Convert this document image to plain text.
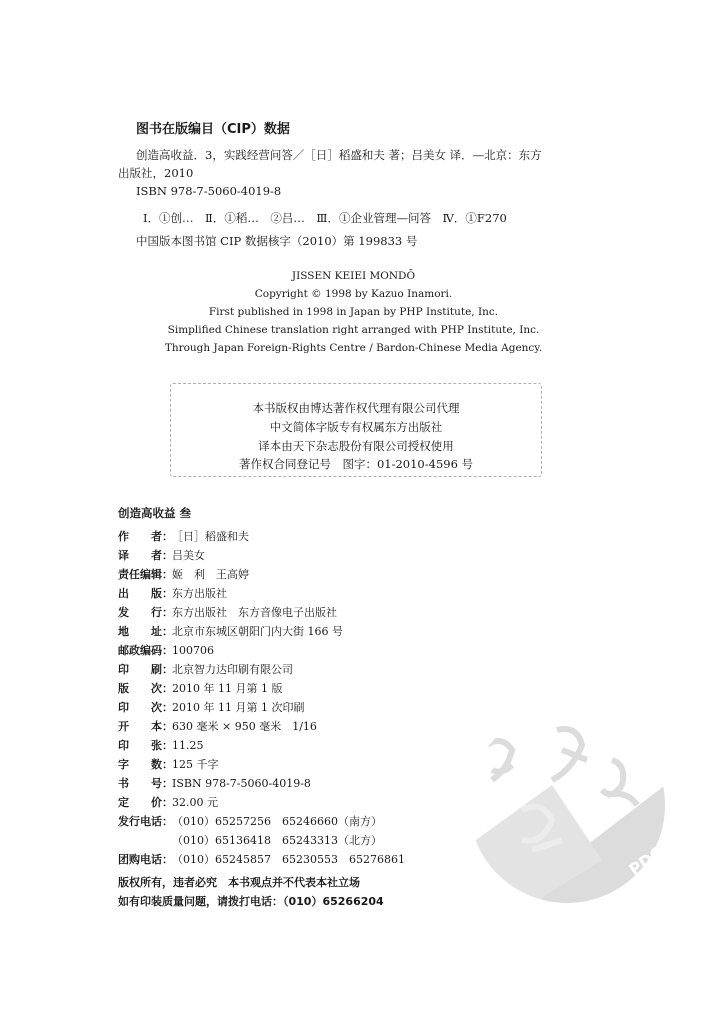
图书在版编目（CIP）数据
创造高收益．3，实践经营问答／［日］稻盛和夫 著；吕美女 译．—北京：东方
出版社，2010
ISBN 978-7-5060-4019-8
Ⅰ．①创…　Ⅱ．①稻…　②吕…　Ⅲ．①企业管理—问答　Ⅳ．①F270
中国版本图书馆 CIP 数据核字（2010）第 199833 号
JISSEN KEIEI MONDŌ
Copyright © 1998 by Kazuo Inamori.
First published in 1998 in Japan by PHP Institute, Inc.
Simplified Chinese translation right arranged with PHP Institute, Inc.
Through Japan Foreign-Rights Centre / Bardon-Chinese Media Agency.
本书版权由博达著作权代理有限公司代理
中文简体字版专有权属东方出版社
译本由天下杂志股份有限公司授权使用
著作权合同登记号　图字：01-2010-4596 号
创造高收益 叁
作　　者：［日］稻盛和夫
译　　者：吕美女
责任编辑：姬　利　王高婷
出　　版：东方出版社
发　　行：东方出版社　东方音像电子出版社
地　　址：北京市东城区朝阳门内大街 166 号
邮政编码：100706
印　　刷：北京智力达印刷有限公司
版　　次：2010 年 11 月第 1 版
印　　次：2010 年 11 月第 1 次印刷
开　　本：630 毫米 × 950 毫米　1/16
印　　张：11.25
字　　数：125 千字
书　　号：ISBN 978-7-5060-4019-8
定　　价：32.00 元
发行电话：（010）65257256　65246660（南方）
（010）65136418　65243313（北方）
团购电话：（010）65245857　65230553　65276861
版权所有，违者必究　本书观点并不代表本社立场
如有印装质量问题，请拨打电话：（010）65266204
PDG
